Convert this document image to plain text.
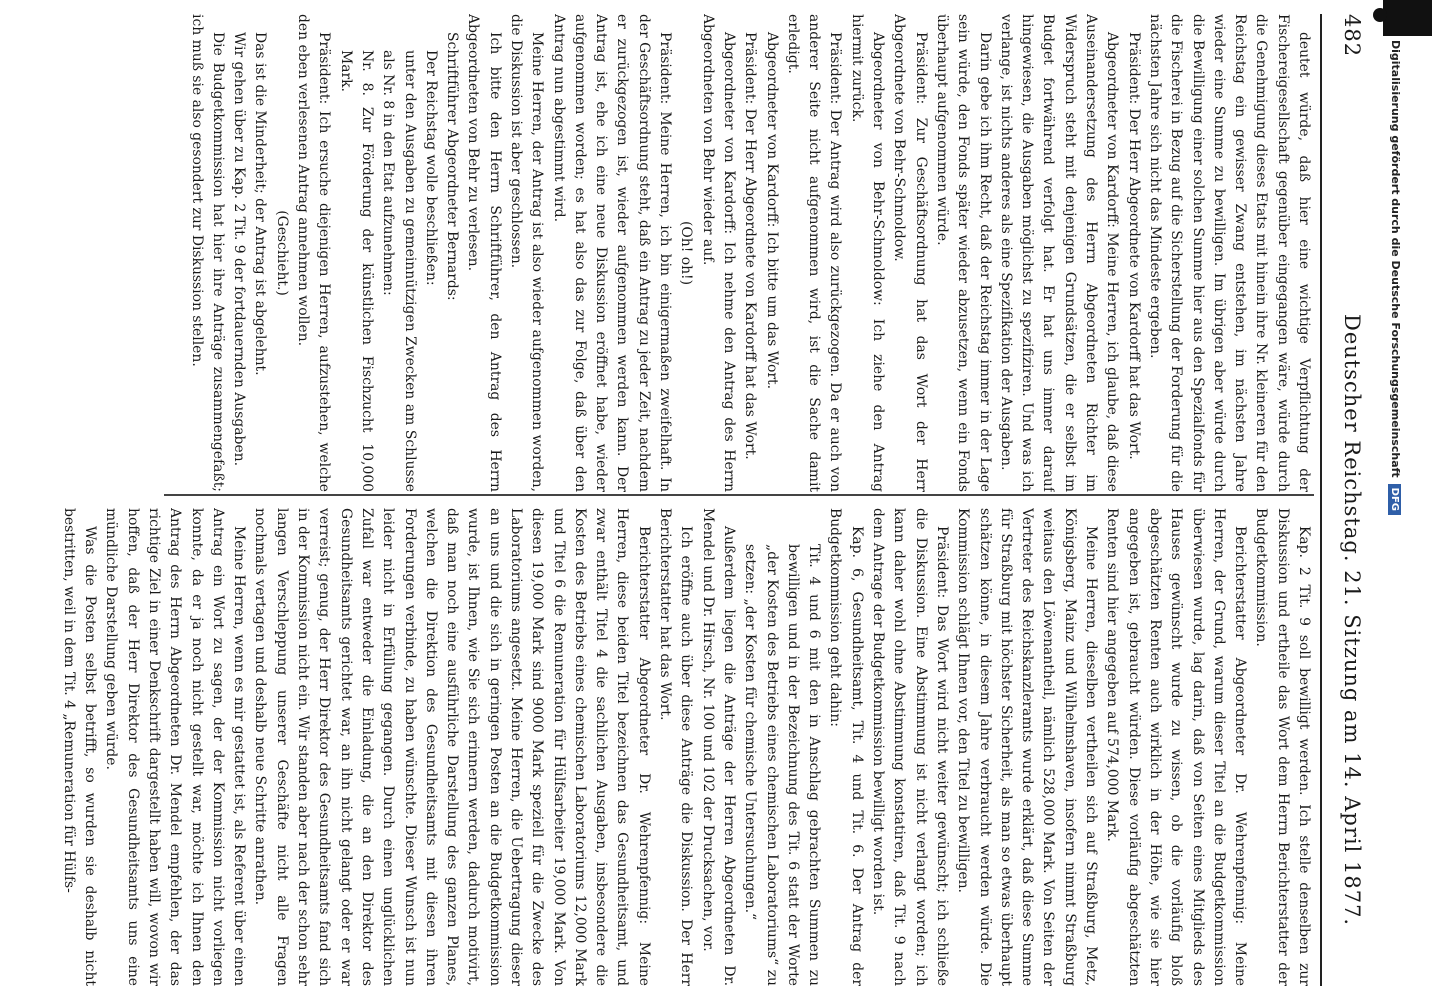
482
Deutscher Reichstag. 21. Sitzung am 14. April 1877.

deutet würde, daß hier eine wichtige Verpflichtung der Fischereigesellschaft gegenüber eingegangen wäre, würde durch die Genehmigung dieses Etats mit hinein ihre Nr. kleineren für den Reichstag ein gewisser Zwang entstehen, im nächsten Jahre wieder eine Summe zu bewilligen. Im übrigen aber würde durch die Bewilligung einer solchen Summe hier aus den Spezialfonds für die Fischerei in Bezug auf die Sicherstellung der Forderung für die nächsten Jahre sich nicht das Mindeste ergeben.

Präsident: Der Herr Abgeordnete von Kardorff hat das Wort.

Abgeordneter von Kardorff: Meine Herren, ich glaube, daß diese Auseinandersetzung des Herrn Abgeordneten Richter im Widerspruch steht mit denjenigen Grundsätzen, die er selbst im Budget fortwährend verfolgt hat. Er hat uns immer darauf hingewiesen, die Ausgaben möglichst zu spezifiziren. Und was ich verlange, ist nichts anderes als eine Spezifikation der Ausgaben.

Darin gebe ich ihm Recht, daß der Reichstag immer in der Lage sein würde, den Fonds später wieder abzusetzen, wenn ein Fonds überhaupt aufgenommen würde.

Präsident: Zur Geschäftsordnung hat das Wort der Herr Abgeordnete von Behr-Schmoldow.

Abgeordneter von Behr-Schmoldow: Ich ziehe den Antrag hiermit zurück.

Präsident: Der Antrag wird also zurückgezogen. Da er auch von anderer Seite nicht aufgenommen wird, ist die Sache damit erledigt.

Abgeordneter von Kardorff: Ich bitte um das Wort.

Präsident: Der Herr Abgeordnete von Kardorff hat das Wort.

Abgeordneter von Kardorff: Ich nehme den Antrag des Herrn Abgeordneten von Behr wieder auf.

(Oh! oh!)

Präsident: Meine Herren, ich bin einigermaßen zweifelhaft. In der Geschäftsordnung steht, daß ein Antrag zu jeder Zeit, nachdem er zurückgezogen ist, wieder aufgenommen werden kann. Der Antrag ist, ehe ich eine neue Diskussion eröffnet habe, wieder aufgenommen worden; es hat also das zur Folge, daß über den Antrag nun abgestimmt wird.

Meine Herren, der Antrag ist also wieder aufgenommen worden, die Diskussion ist aber geschlossen.

Ich bitte den Herrn Schriftführer, den Antrag des Herrn Abgeordneten von Behr zu verlesen.

Schriftführer Abgeordneter Bernards:

Der Reichstag wolle beschließen:

unter den Ausgaben zu gemeinnützigen Zwecken am Schlusse als Nr. 8 in den Etat aufzunehmen:

Nr. 8. Zur Förderung der künstlichen Fischzucht 10,000 Mark.

Präsident: Ich ersuche diejenigen Herren, aufzustehen, welche den eben verlesenen Antrag annehmen wollen.

(Geschieht.)

Das ist die Minderheit; der Antrag ist abgelehnt.

Wir gehen über zu Kap. 2 Tit. 9 der fortdauernden Ausgaben.

Die Budgetkommission hat hier ihre Anträge zusammengefaßt; ich muß sie also gesondert zur Diskussion stellen.

Kap. 2 Tit. 9 soll bewilligt werden. Ich stelle denselben zur Diskussion und ertheile das Wort dem Herrn Berichterstatter der Budgetkommission.

Berichterstatter Abgeordneter Dr. Wehrenpfennig: Meine Herren, der Grund, warum dieser Titel an die Budgetkommission überwiesen wurde, lag darin, daß von Seiten eines Mitglieds des Hauses gewünscht wurde zu wissen, ob die vorläufig bloß abgeschätzten Renten auch wirklich in der Höhe, wie sie hier angegeben ist, gebraucht würden. Diese vorläufig abgeschätzten Renten sind hier angegeben auf 574,000 Mark.

Meine Herren, dieselben vertheilen sich auf Straßburg, Metz, Königsberg, Mainz und Wilhelmshaven, insofern nimmt Straßburg weitaus den Löwenantheil, nämlich 528,000 Mark. Von Seiten der Vertreter des Reichskanzleramts wurde erklärt, daß diese Summe für Straßburg mit höchster Sicherheit, als man so etwas überhaupt schätzen könne, in diesem Jahre verbraucht werden würde. Die Kommission schlägt Ihnen vor, den Titel zu bewilligen.

Präsident: Das Wort wird nicht weiter gewünscht; ich schließe die Diskussion. Eine Abstimmung ist nicht verlangt worden; ich kann daher wohl ohne Abstimmung konstatiren, daß Tit. 9 nach dem Antrage der Budgetkommission bewilligt worden ist.

Kap. 6, Gesundheitsamt, Tit. 4 und Tit. 6. Der Antrag der Budgetkommission geht dahin:

Tit. 4 und 6 mit den in Anschlag gebrachten Summen zu bewilligen und in der Bezeichnung des Tit. 6 statt der Worte „der Kosten des Betriebs eines chemischen Laboratoriums“ zu setzen: „der Kosten für chemische Untersuchungen.“

Außerdem liegen die Anträge der Herren Abgeordneten Dr. Mendel und Dr. Hirsch, Nr. 100 und 102 der Drucksachen, vor.

Ich eröffne auch über diese Anträge die Diskussion. Der Herr Berichterstatter hat das Wort.

Berichterstatter Abgeordneter Dr. Wehrenpfennig: Meine Herren, diese beiden Titel bezeichnen das Gesundheitsamt, und zwar enthält Titel 4 die sachlichen Ausgaben, insbesondere die Kosten des Betriebs eines chemischen Laboratoriums 12,000 Mark und Titel 6 die Remuneration für Hülfsarbeiter 19,000 Mark. Von diesen 19,000 Mark sind 9000 Mark speziell für die Zwecke des Laboratoriums angesetzt. Meine Herren, die Uebertragung dieser an uns und die sich in geringen Posten an die Budgetkommission wurde, ist Ihnen, wie Sie sich erinnern werden, dadurch motivirt, daß man noch eine ausführliche Darstellung des ganzen Planes, welchen die Direktion des Gesundheitsamts mit diesen ihren Forderungen verbinde, zu haben wünschte. Dieser Wunsch ist nun leider nicht in Erfüllung gegangen. Durch einen unglücklichen Zufall war entweder die Einladung, die an den Direktor des Gesundheitsamts gerichtet war, an ihn nicht gelangt oder er war verreist; genug, der Herr Direktor des Gesundheitsamts fand sich in der Kommission nicht ein. Wir standen aber nach der schon sehr langen Verschleppung unserer Geschäfte nicht alle Fragen nochmals vertagen und deshalb neue Schritte anrathen.

Meine Herren, wenn es mir gestattet ist, als Referent über einen Antrag ein Wort zu sagen, der der Kommission nicht vorliegen konnte, da er ja noch nicht gestellt war, möchte ich Ihnen den Antrag des Herrn Abgeordneten Dr. Mendel empfehlen, der das richtige Ziel in einer Denkschrift dargestellt haben will, wovon wir hoffen, daß der Herr Direktor des Gesundheitsamts uns eine mündliche Darstellung geben würde.

Was die Posten selbst betrifft, so wurden sie deshalb nicht bestritten, weil in dem Tit. 4 „Remuneration für Hülfs-

Digitalisierung gefördert durch die Deutsche ForschungsgemeinschaftDFG
